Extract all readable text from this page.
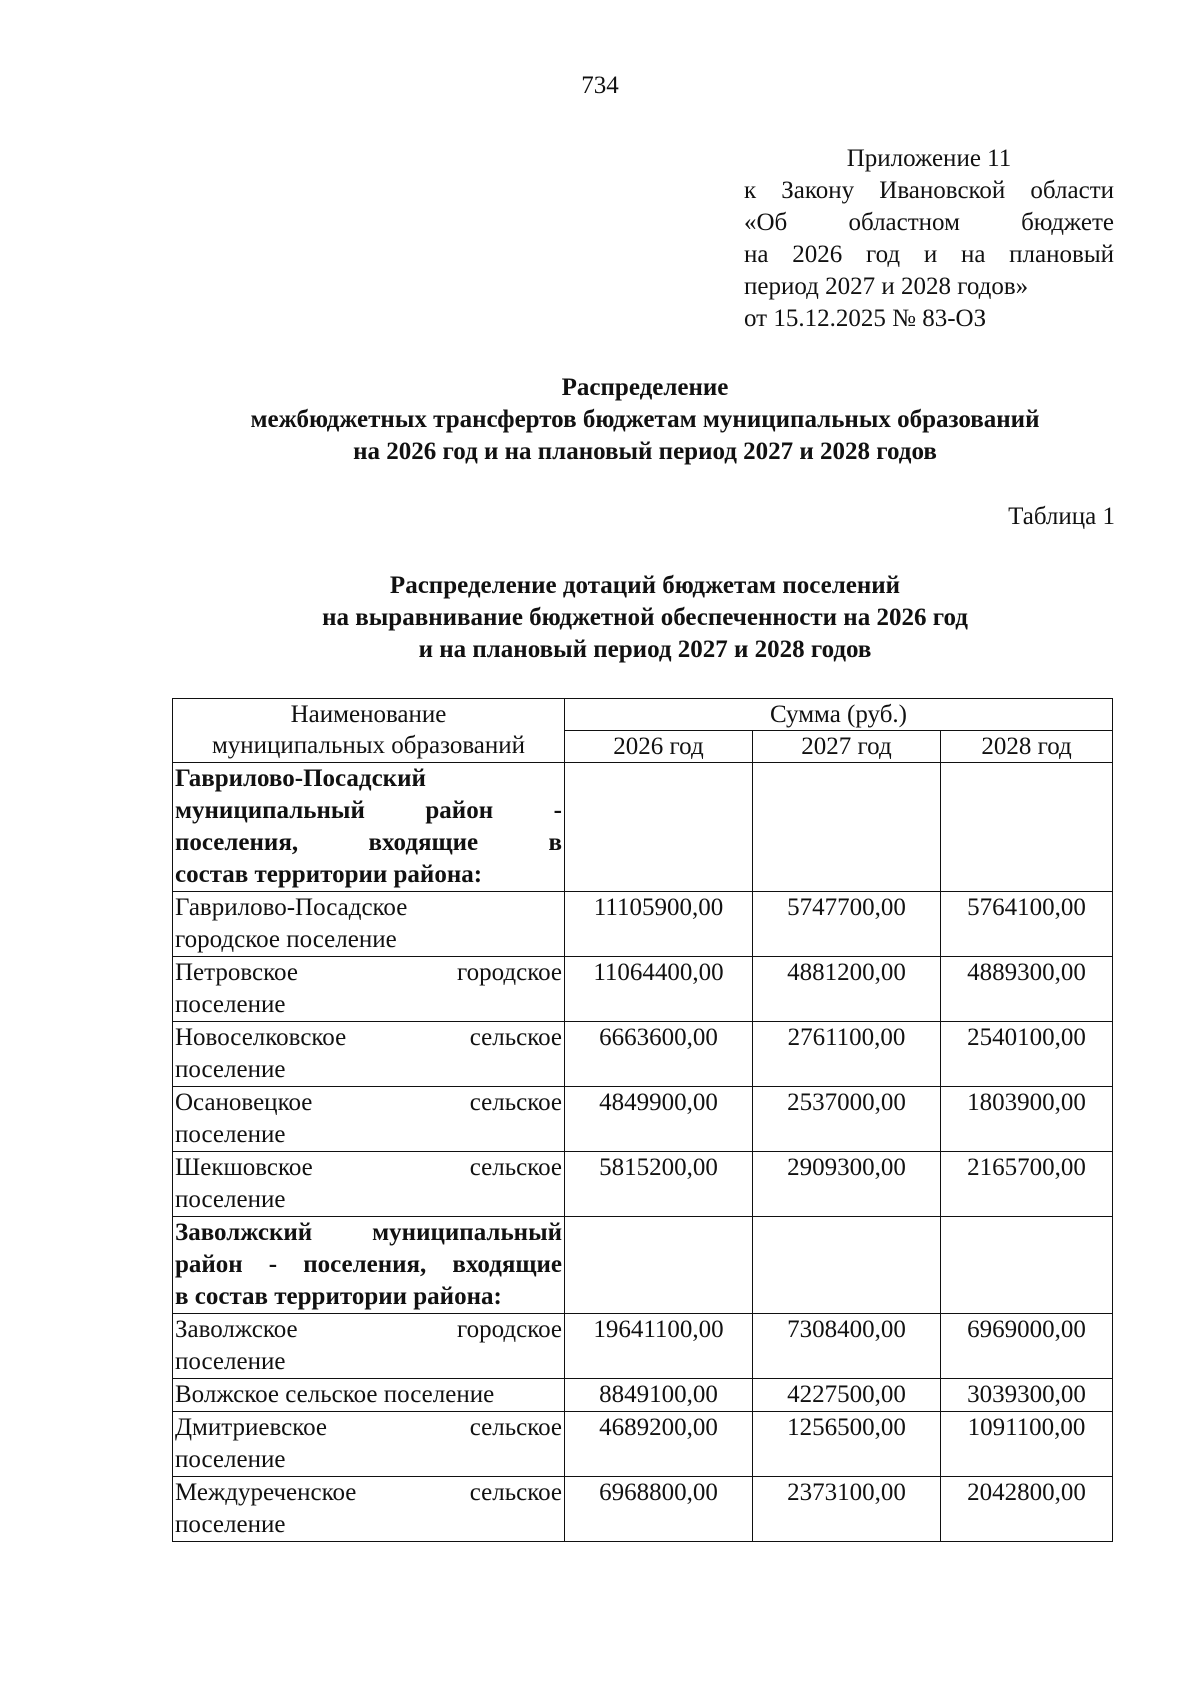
734
Приложение 11
к Закону Ивановской области
«Об областном бюджете
на 2026 год и на плановый
период 2027 и 2028 годов»
от 15.12.2025 № 83-ОЗ
Распределение
межбюджетных трансфертов бюджетам муниципальных образований
на 2026 год и на плановый период 2027 и 2028 годов
Таблица 1
Распределение дотаций бюджетам поселений
на выравнивание бюджетной обеспеченности на 2026 год
и на плановый период 2027 и 2028 годов
Наименование
муниципальных образований	Сумма (руб.)		
	2026 год	2027 год	2028 год

Гаврилово-Посадский
муниципальный район -
поселения, входящие в
состав территории района:			

Гаврилово-Посадское
городское поселение	11105900,00	5747700,00	5764100,00

Петровское городское
поселение	11064400,00	4881200,00	4889300,00

Новоселковское сельское
поселение	6663600,00	2761100,00	2540100,00

Осановецкое сельское
поселение	4849900,00	2537000,00	1803900,00

Шекшовское сельское
поселение	5815200,00	2909300,00	2165700,00

Заволжский муниципальный
район - поселения, входящие
в состав территории района:			

Заволжское городское
поселение	19641100,00	7308400,00	6969000,00

Волжское сельское поселение	8849100,00	4227500,00	3039300,00

Дмитриевское сельское
поселение	4689200,00	1256500,00	1091100,00

Междуреченское сельское
поселение	6968800,00	2373100,00	2042800,00
